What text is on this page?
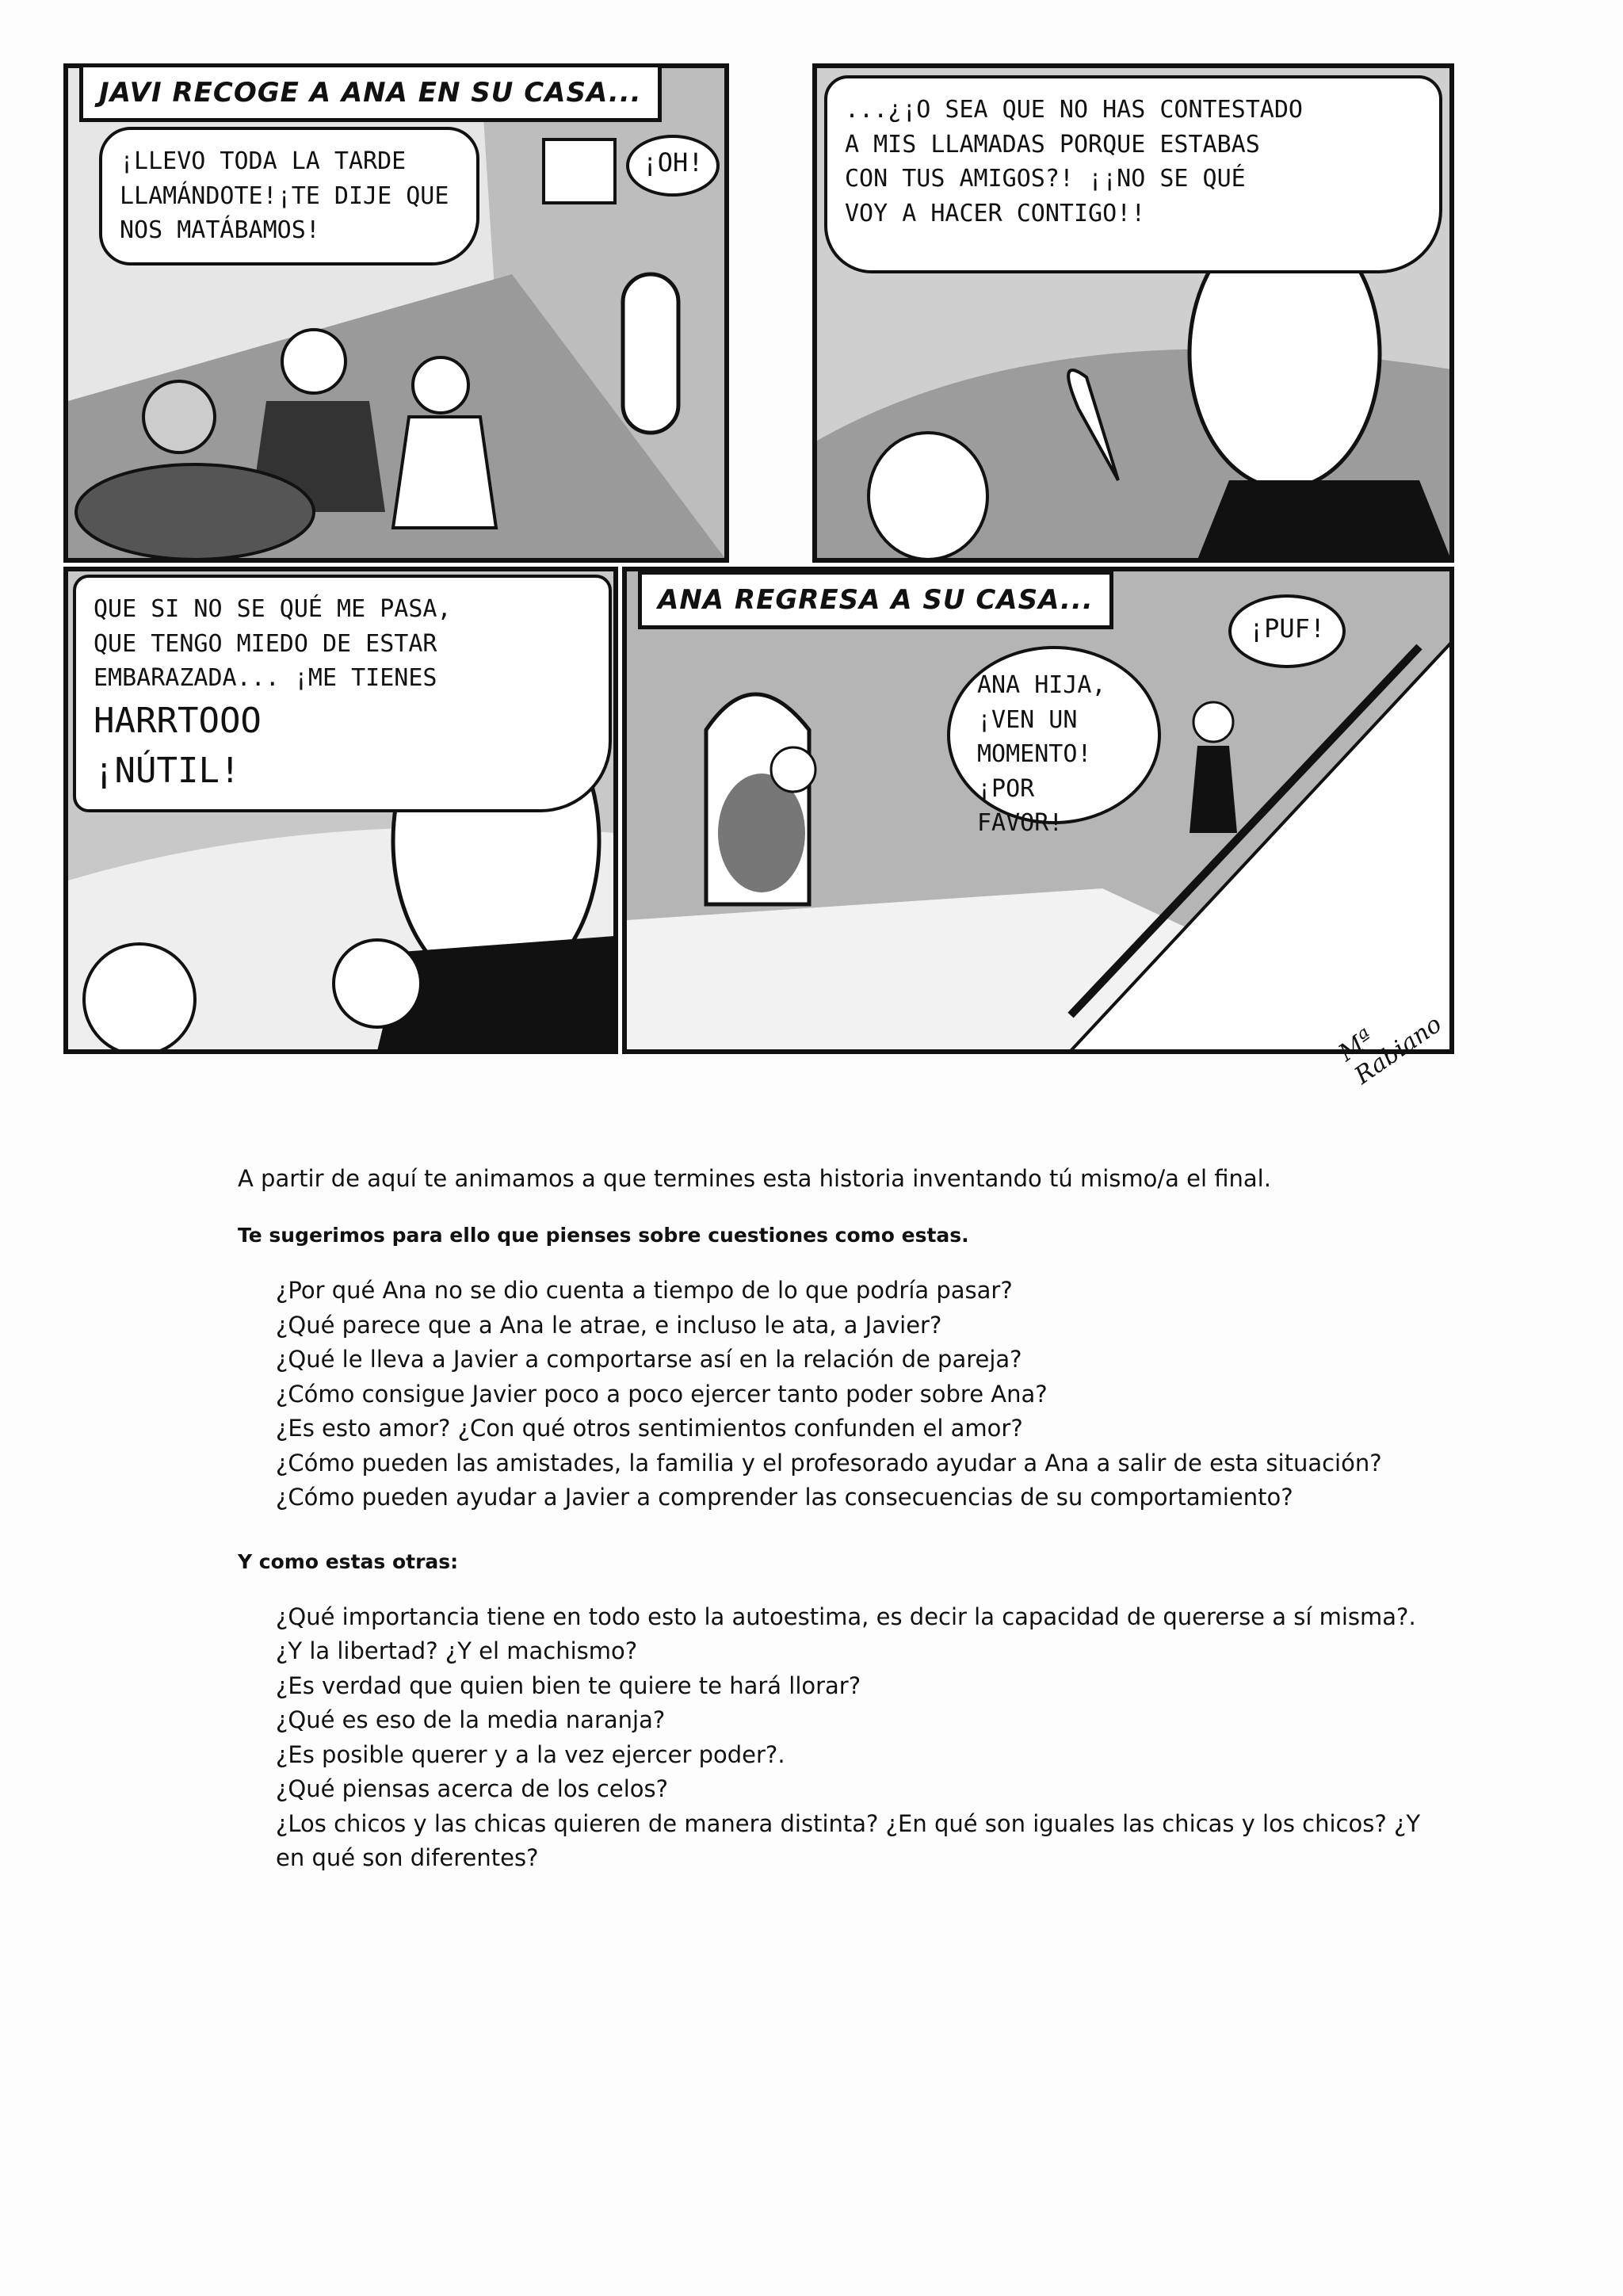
JAVI RECOGE A ANA EN SU CASA...
¡LLEVO TODA LA TARDE
LLAMÁNDOTE!¡TE DIJE QUE
NOS MATÁBAMOS!
¡OH!
...¿¡O SEA QUE NO HAS CONTESTADO
A MIS LLAMADAS PORQUE ESTABAS
CON TUS AMIGOS?! ¡¡NO SE QUÉ
VOY A HACER CONTIGO!!
QUE SI NO SE QUÉ ME PASA,
QUE TENGO MIEDO DE ESTAR
EMBARAZADA... ¡ME TIENES
HARRTOOO
¡NÚTIL!
ANA REGRESA A SU CASA...
ANA HIJA,
¡VEN UN
MOMENTO!
¡POR FAVOR!
¡PUF!
Mª Rabiano

A partir de aquí te animamos a que termines esta historia inventando tú mismo/a el final.

Te sugerimos para ello que pienses sobre cuestiones como estas.

¿Por qué Ana no se dio cuenta a tiempo de lo que podría pasar?
¿Qué parece que a Ana le atrae, e incluso le ata, a Javier?
¿Qué le lleva a Javier a comportarse así en la relación de pareja?
¿Cómo consigue Javier poco a poco ejercer tanto poder sobre Ana?
¿Es esto amor? ¿Con qué otros sentimientos confunden el amor?
¿Cómo pueden las amistades, la familia y el profesorado ayudar a Ana a salir de esta situación?
¿Cómo pueden ayudar a Javier a comprender las consecuencias de su comportamiento?

Y como estas otras:

¿Qué importancia tiene en todo esto la autoestima, es decir la capacidad de quererse a sí misma?. ¿Y la libertad? ¿Y el machismo?
¿Es verdad que quien bien te quiere te hará llorar?
¿Qué es eso de la media naranja?
¿Es posible querer y a la vez ejercer poder?.
¿Qué piensas acerca de los celos?
¿Los chicos y las chicas quieren de manera distinta? ¿En qué son iguales las chicas y los chicos? ¿Y en qué son diferentes?
